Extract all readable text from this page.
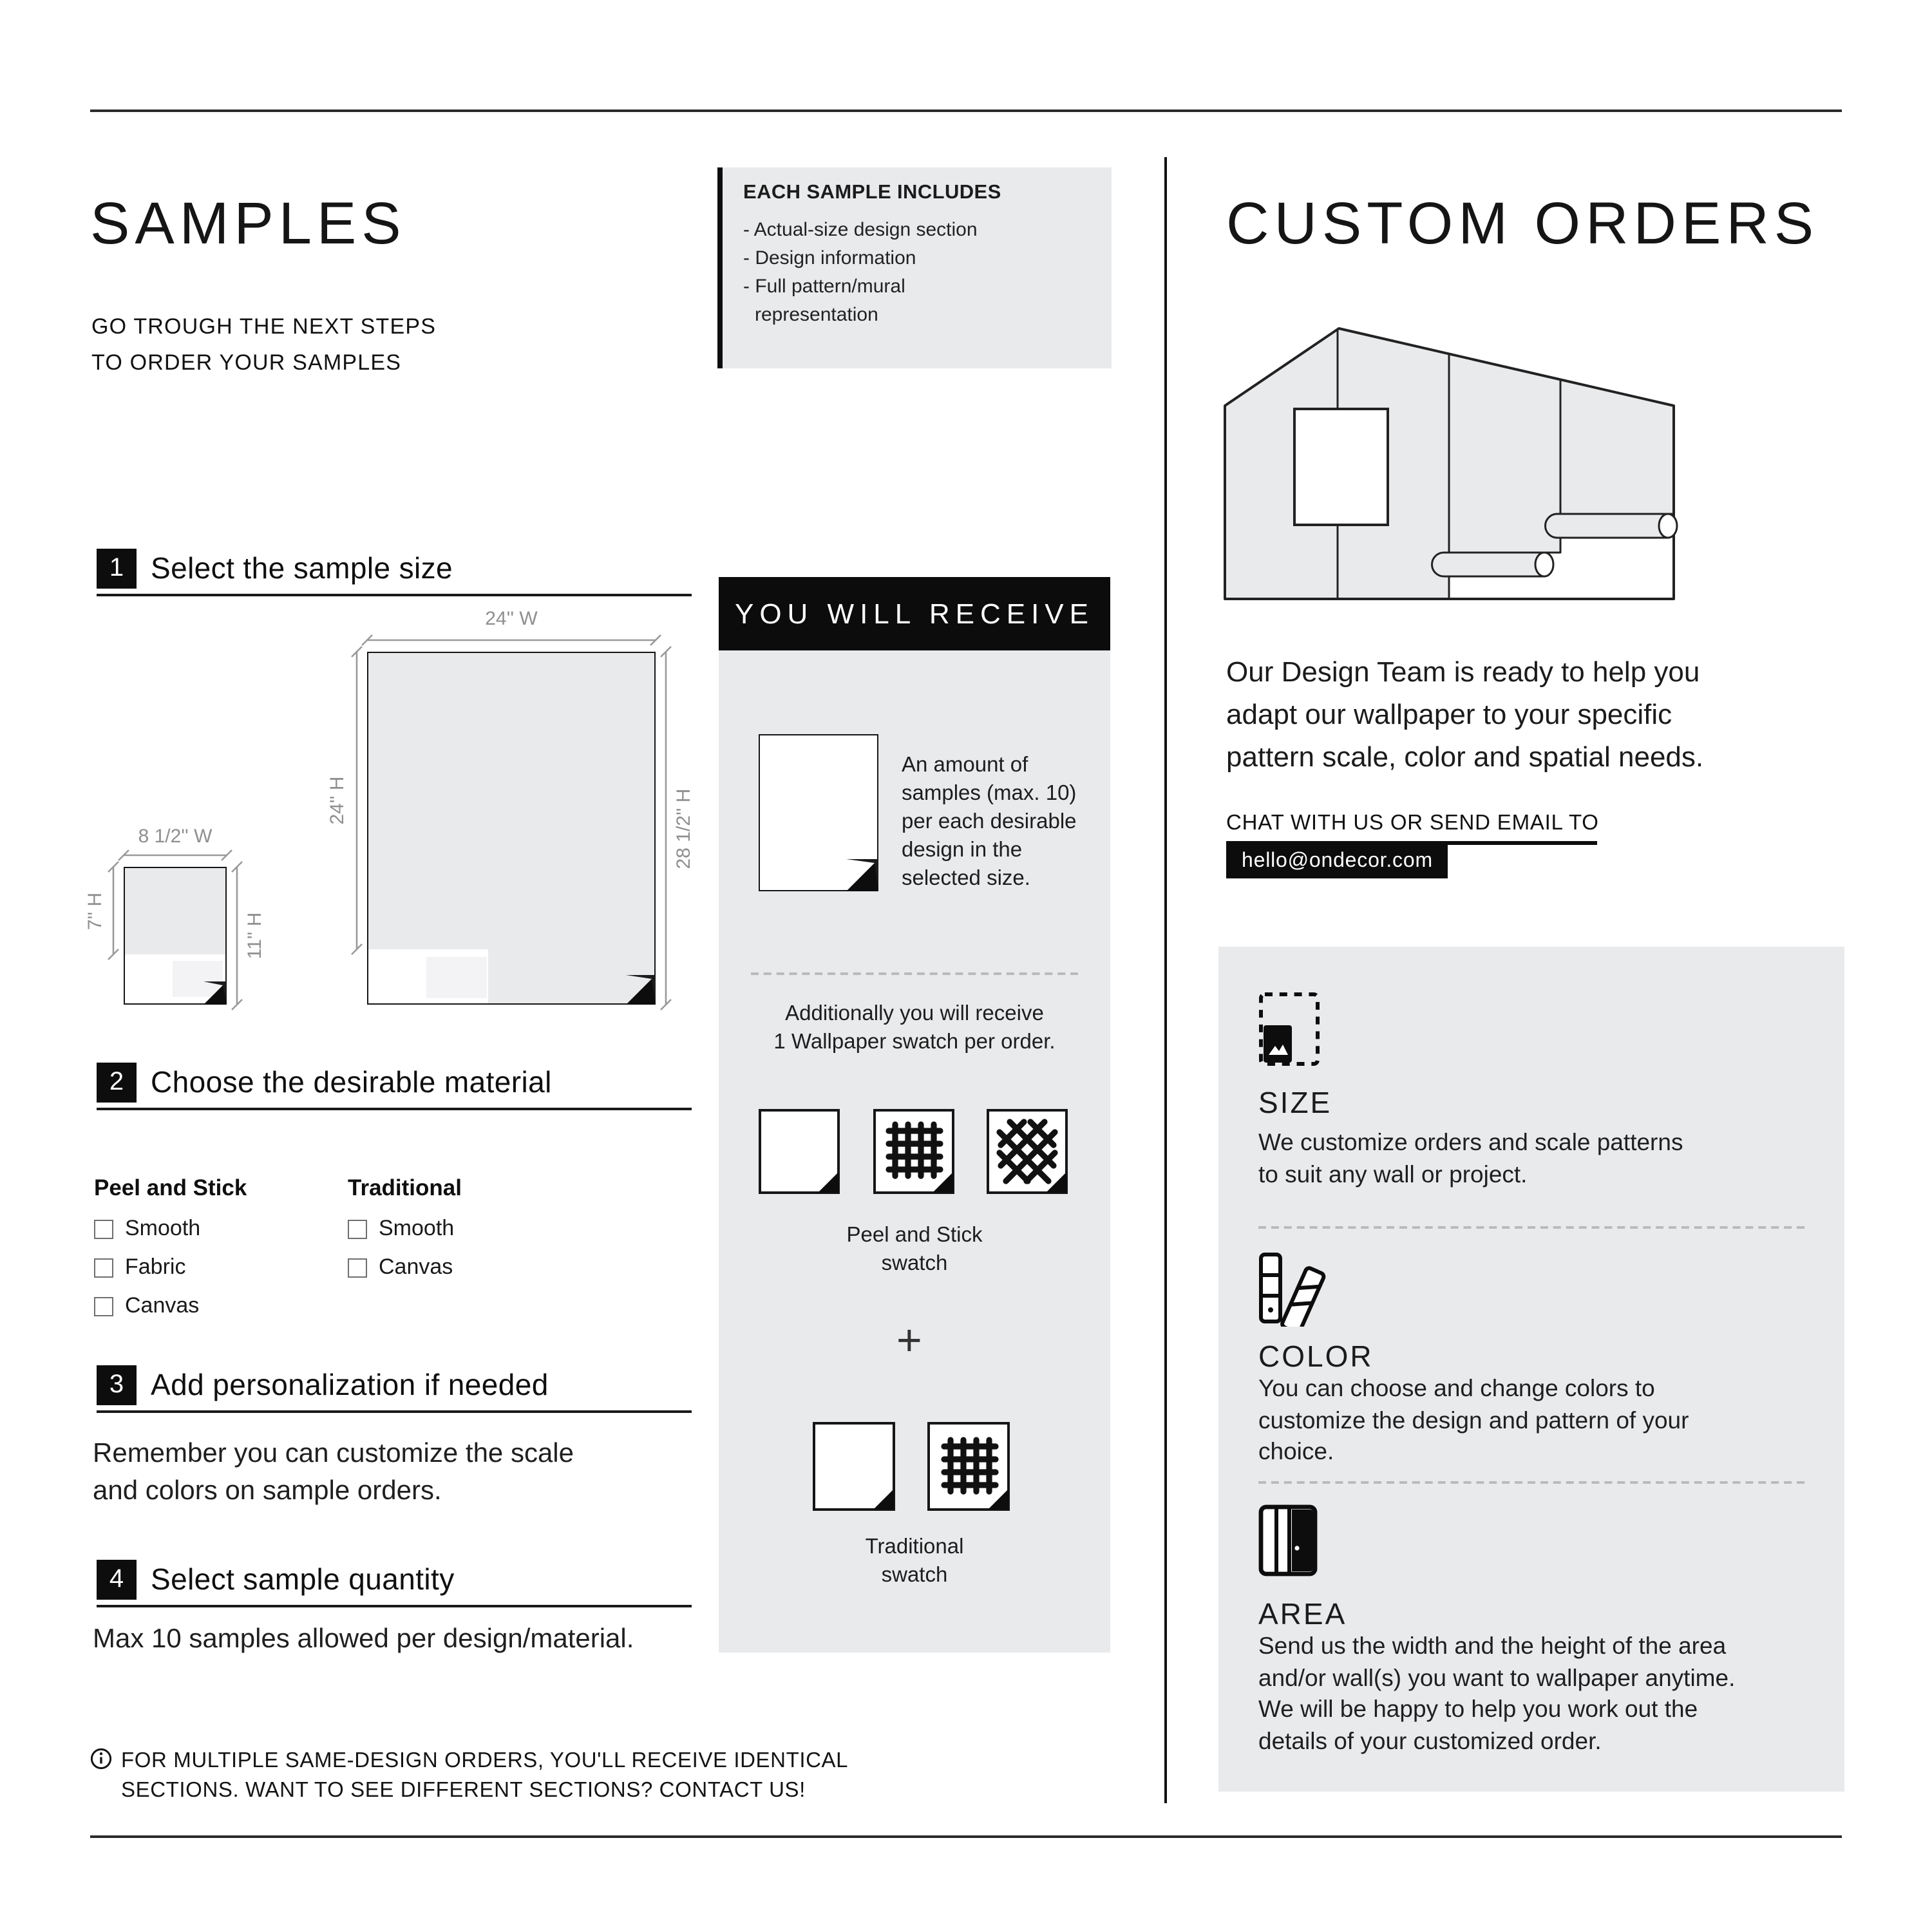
SAMPLES
GO TROUGH THE NEXT STEPS
TO ORDER YOUR SAMPLES
EACH SAMPLE INCLUDES
- Actual-size design section
- Design information
- Full pattern/mural
representation
1	Select the sample size
24'' W
24'' H	28 1/2'' H
8 1/2'' W
7'' H
11'' H
2	Choose the desirable material
Peel and Stick	Traditional
Smooth
Fabric
Canvas
Smooth
Canvas
3	Add personalization if needed
Remember you can customize the scale
and colors on sample orders.
4	Select sample quantity
Max 10 samples allowed per design/material.
FOR MULTIPLE SAME-DESIGN ORDERS, YOU'LL RECEIVE IDENTICAL
SECTIONS. WANT TO SEE DIFFERENT SECTIONS? CONTACT US!
YOU WILL RECEIVE
An amount of
samples (max. 10)
per each desirable
design in the
selected size.
Additionally you will receive
1 Wallpaper swatch per order.
Peel and Stick
swatch
+
Traditional
swatch
CUSTOM ORDERS
Our Design Team is ready to help you
adapt our wallpaper to your specific
pattern scale, color and spatial needs.
CHAT WITH US OR SEND EMAIL TO
hello@ondecor.com
SIZE
We customize orders and scale patterns
to suit any wall or project.
COLOR
You can choose and change colors to
customize the design and pattern of your
choice.
AREA
Send us the width and the height of the area
and/or wall(s) you want to wallpaper anytime.
We will be happy to help you work out the
details of your customized order.
